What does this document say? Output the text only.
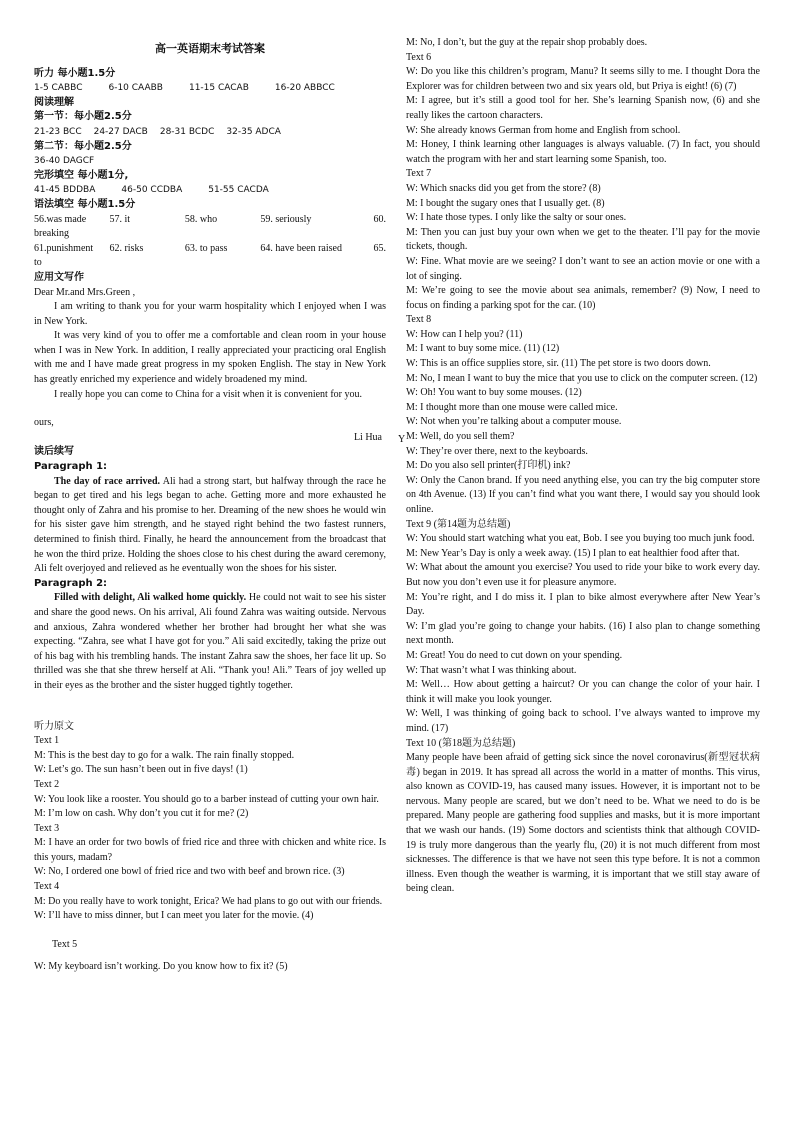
高一英语期末考试答案
听力 每小题1.5分
1-5 CABBC	6-10 CAABB	11-15 CACAB	16-20 ABBCC
阅读理解
第一节：每小题2.5分
21-23 BCC 24-27 DACB 28-31 BCDC 32-35 ADCA
第二节：每小题2.5分
36-40 DAGCF
完形填空 每小题1分,
41-45 BDDBA	46-50 CCDBA	51-55 CACDA
语法填空 每小题1.5分
56.was made	57. it	58. who	59. seriously	60.
breaking
61.punishment	62. risks	63. to pass	64. have been raised	65.
to
应用文写作

Dear Mr.and Mrs.Green ,

I am writing to thank you for your warm hospitality which I enjoyed when I was in New York.

It was very kind of you to offer me a comfortable and clean room in your house when I was in New York. In addition, I really appreciated your practicing oral English with me and I have made great progress in my spoken English. The stay in New York has greatly enriched my experience and widely broadened my mind.

I really hope you can come to China for a visit when it is convenient for you.

ours,

Li Hua

读后续写
Paragraph 1:

The day of race arrived. Ali had a strong start, but halfway through the race he began to get tired and his legs began to ache. Getting more and more exhausted he thought only of Zahra and his promise to her. Dreaming of the new shoes he would win for his sister gave him strength, and he stayed right behind the two fastest runners, determined to finish third. Finally, he heard the announcement from the broadcast that he won the third prize. Holding the shoes close to his chest during the award ceremony, Ali felt overjoyed and relieved as he eventually won the shoes for his sister.

Paragraph 2:

Filled with delight, Ali walked home quickly. He could not wait to see his sister and share the good news. On his arrival, Ali found Zahra was waiting outside. Nervous and anxious, Zahra wondered whether her brother had brought her what she was expecting. “Zahra, see what I have got for you.” Ali said excitedly, taking the prize out of his bag with his trembling hands. The instant Zahra saw the shoes, her face lit up. So thrilled was she that she threw herself at Ali. “Thank you! Ali.” Tears of joy welled up in their eyes as the brother and the sister hugged tightly together.

听力原文

Text 1

M: This is the best day to go for a walk. The rain finally stopped.

W: Let’s go. The sun hasn’t been out in five days! (1)

Text 2

W: You look like a rooster. You should go to a barber instead of cutting your own hair.

M: I’m low on cash. Why don’t you cut it for me? (2)

Text 3

M: I have an order for two bowls of fried rice and three with chicken and white rice. Is this yours, madam?

W: No, I ordered one bowl of fried rice and two with beef and brown rice. (3)

Text 4

M: Do you really have to work tonight, Erica? We had plans to go out with our friends.

W: I’ll have to miss dinner, but I can meet you later for the movie. (4)

Text 5

W: My keyboard isn’t working. Do you know how to fix it? (5)

Y

M: No, I don’t, but the guy at the repair shop probably does.

Text 6

W: Do you like this children’s program, Manu? It seems silly to me. I thought Dora the Explorer was for children between two and six years old, but Priya is eight! (6) (7)

M: I agree, but it’s still a good tool for her. She’s learning Spanish now, (6) and she really likes the cartoon characters.

W: She already knows German from home and English from school.

M: Honey, I think learning other languages is always valuable. (7) In fact, you should watch the program with her and start learning some Spanish, too.

Text 7

W: Which snacks did you get from the store? (8)

M: I bought the sugary ones that I usually get. (8)

W: I hate those types. I only like the salty or sour ones.

M: Then you can just buy your own when we get to the theater. I’ll pay for the movie tickets, though.

W: Fine. What movie are we seeing? I don’t want to see an action movie or one with a lot of singing.

M: We’re going to see the movie about sea animals, remember? (9) Now, I need to focus on finding a parking spot for the car. (10)

Text 8

W: How can I help you? (11)

M: I want to buy some mice. (11) (12)

W: This is an office supplies store, sir. (11) The pet store is two doors down.

M: No, I mean I want to buy the mice that you use to click on the computer screen. (12)

W: Oh! You want to buy some mouses. (12)

M: I thought more than one mouse were called mice.

W: Not when you’re talking about a computer mouse.

M: Well, do you sell them?

W: They’re over there, next to the keyboards.

M: Do you also sell printer(打印机) ink?

W: Only the Canon brand. If you need anything else, you can try the big computer store on 4th Avenue. (13) If you can’t find what you want there, I would say you should look online.

Text 9 (第14题为总结题)

W: You should start watching what you eat, Bob. I see you buying too much junk food.

M: New Year’s Day is only a week away. (15) I plan to eat healthier food after that.

W: What about the amount you exercise? You used to ride your bike to work every day. But now you don’t even use it for pleasure anymore.

M: You’re right, and I do miss it. I plan to bike almost everywhere after New Year’s Day.

W: I’m glad you’re going to change your habits. (16) I also plan to change something next month.

M: Great! You do need to cut down on your spending.

W: That wasn’t what I was thinking about.

M: Well… How about getting a haircut? Or you can change the color of your hair. I think it will make you look younger.

W: Well, I was thinking of going back to school. I’ve always wanted to improve my mind. (17)

Text 10 (第18题为总结题)

Many people have been afraid of getting sick since the novel coronavirus(新型冠状病毒) began in 2019. It has spread all across the world in a matter of months. This virus, also known as COVID-19, has caused many issues. However, it is important not to be nervous. Many people are scared, but we don’t need to be. What we need to do is be prepared. Many people are gathering food supplies and masks, but it is more important that we wash our hands. (19) Some doctors and scientists think that although COVID-19 is truly more dangerous than the yearly flu, (20) it is not much different from most sicknesses. The difference is that we have not seen this type before. It is not a common illness. Even though the weather is warming, it is important that we still stay aware of being clean.
